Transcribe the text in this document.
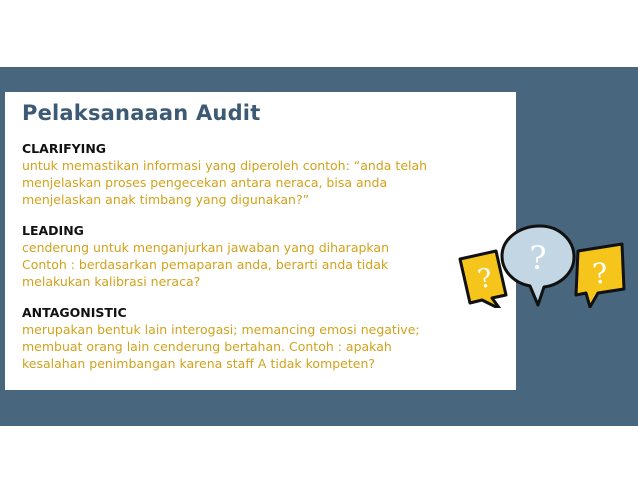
Pelaksanaaan Audit
CLARIFYING

untuk memastikan informasi yang diperoleh contoh: “anda telah
menjelaskan proses pengecekan antara neraca, bisa anda
menjelaskan anak timbang yang digunakan?”

LEADING

cenderung untuk menganjurkan jawaban yang diharapkan
Contoh : berdasarkan pemaparan anda, berarti anda tidak
melakukan kalibrasi neraca?

ANTAGONISTIC

merupakan bentuk lain interogasi; memancing emosi negative;
membuat orang lain cenderung bertahan. Contoh : apakah
kesalahan penimbangan karena staff A tidak kompeten?

?	?
?
